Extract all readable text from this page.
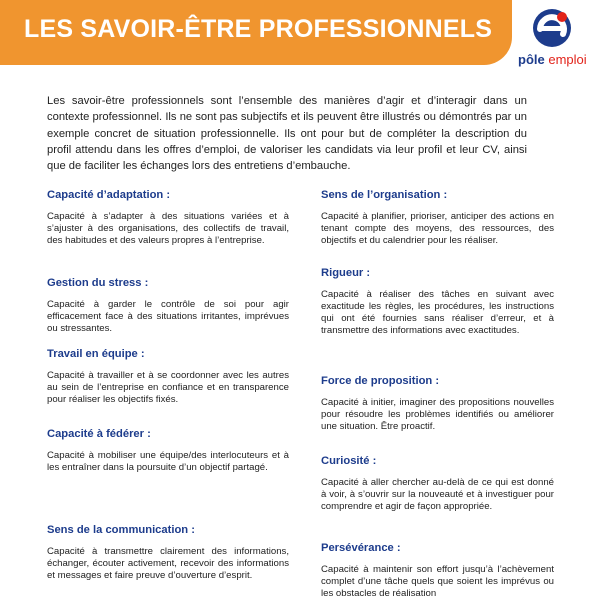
LES SAVOIR-ÊTRE PROFESSIONNELS
pôle emploi
Les savoir-être professionnels sont l’ensemble des manières d’agir et d’interagir dans un contexte professionnel. Ils ne sont pas subjectifs et ils peuvent être illustrés ou démontrés par un exemple concret de situation professionnelle. Ils ont pour but de compléter la description du profil attendu dans les offres d’emploi, de valoriser les candidats via leur profil et leur CV, ainsi que de faciliter les échanges lors des entretiens d’embauche.
Capacité d’adaptation :

Capacité à s’adapter à des situations variées et à s’ajuster à des organisations, des collectifs de travail, des habitudes et des valeurs propres à l’entreprise.

Gestion du stress :

Capacité à garder le contrôle de soi pour agir efficacement face à des situations irritantes, imprévues ou stressantes.

Travail en équipe :

Capacité à travailler et à se coordonner avec les autres au sein de l’entreprise en confiance et en transparence pour réaliser les objectifs fixés.

Capacité à fédérer :

Capacité à mobiliser une équipe/des interlocuteurs et à les entraîner dans la poursuite d’un objectif partagé.

Sens de la communication :

Capacité à transmettre clairement des informations, échanger, écouter activement, recevoir des informations et messages et faire preuve d’ouverture d’esprit.

Sens de l’organisation :

Capacité à planifier, prioriser, anticiper des actions en tenant compte des moyens, des ressources, des objectifs et du calendrier pour les réaliser.

Rigueur :

Capacité à réaliser des tâches en suivant avec exactitude les règles, les procédures, les instructions qui ont été fournies sans réaliser d’erreur, et à transmettre des informations avec exactitudes.

Force de proposition :

Capacité à initier, imaginer des propositions nouvelles pour résoudre les problèmes identifiés ou améliorer une situation. Être proactif.

Curiosité :

Capacité à aller chercher au-delà de ce qui est donné à voir, à s’ouvrir sur la nouveauté et à investiguer pour comprendre et agir de façon appropriée.

Persévérance :

Capacité à maintenir son effort jusqu’à l’achèvement complet d’une tâche quels que soient les imprévus ou les obstacles de réalisation
